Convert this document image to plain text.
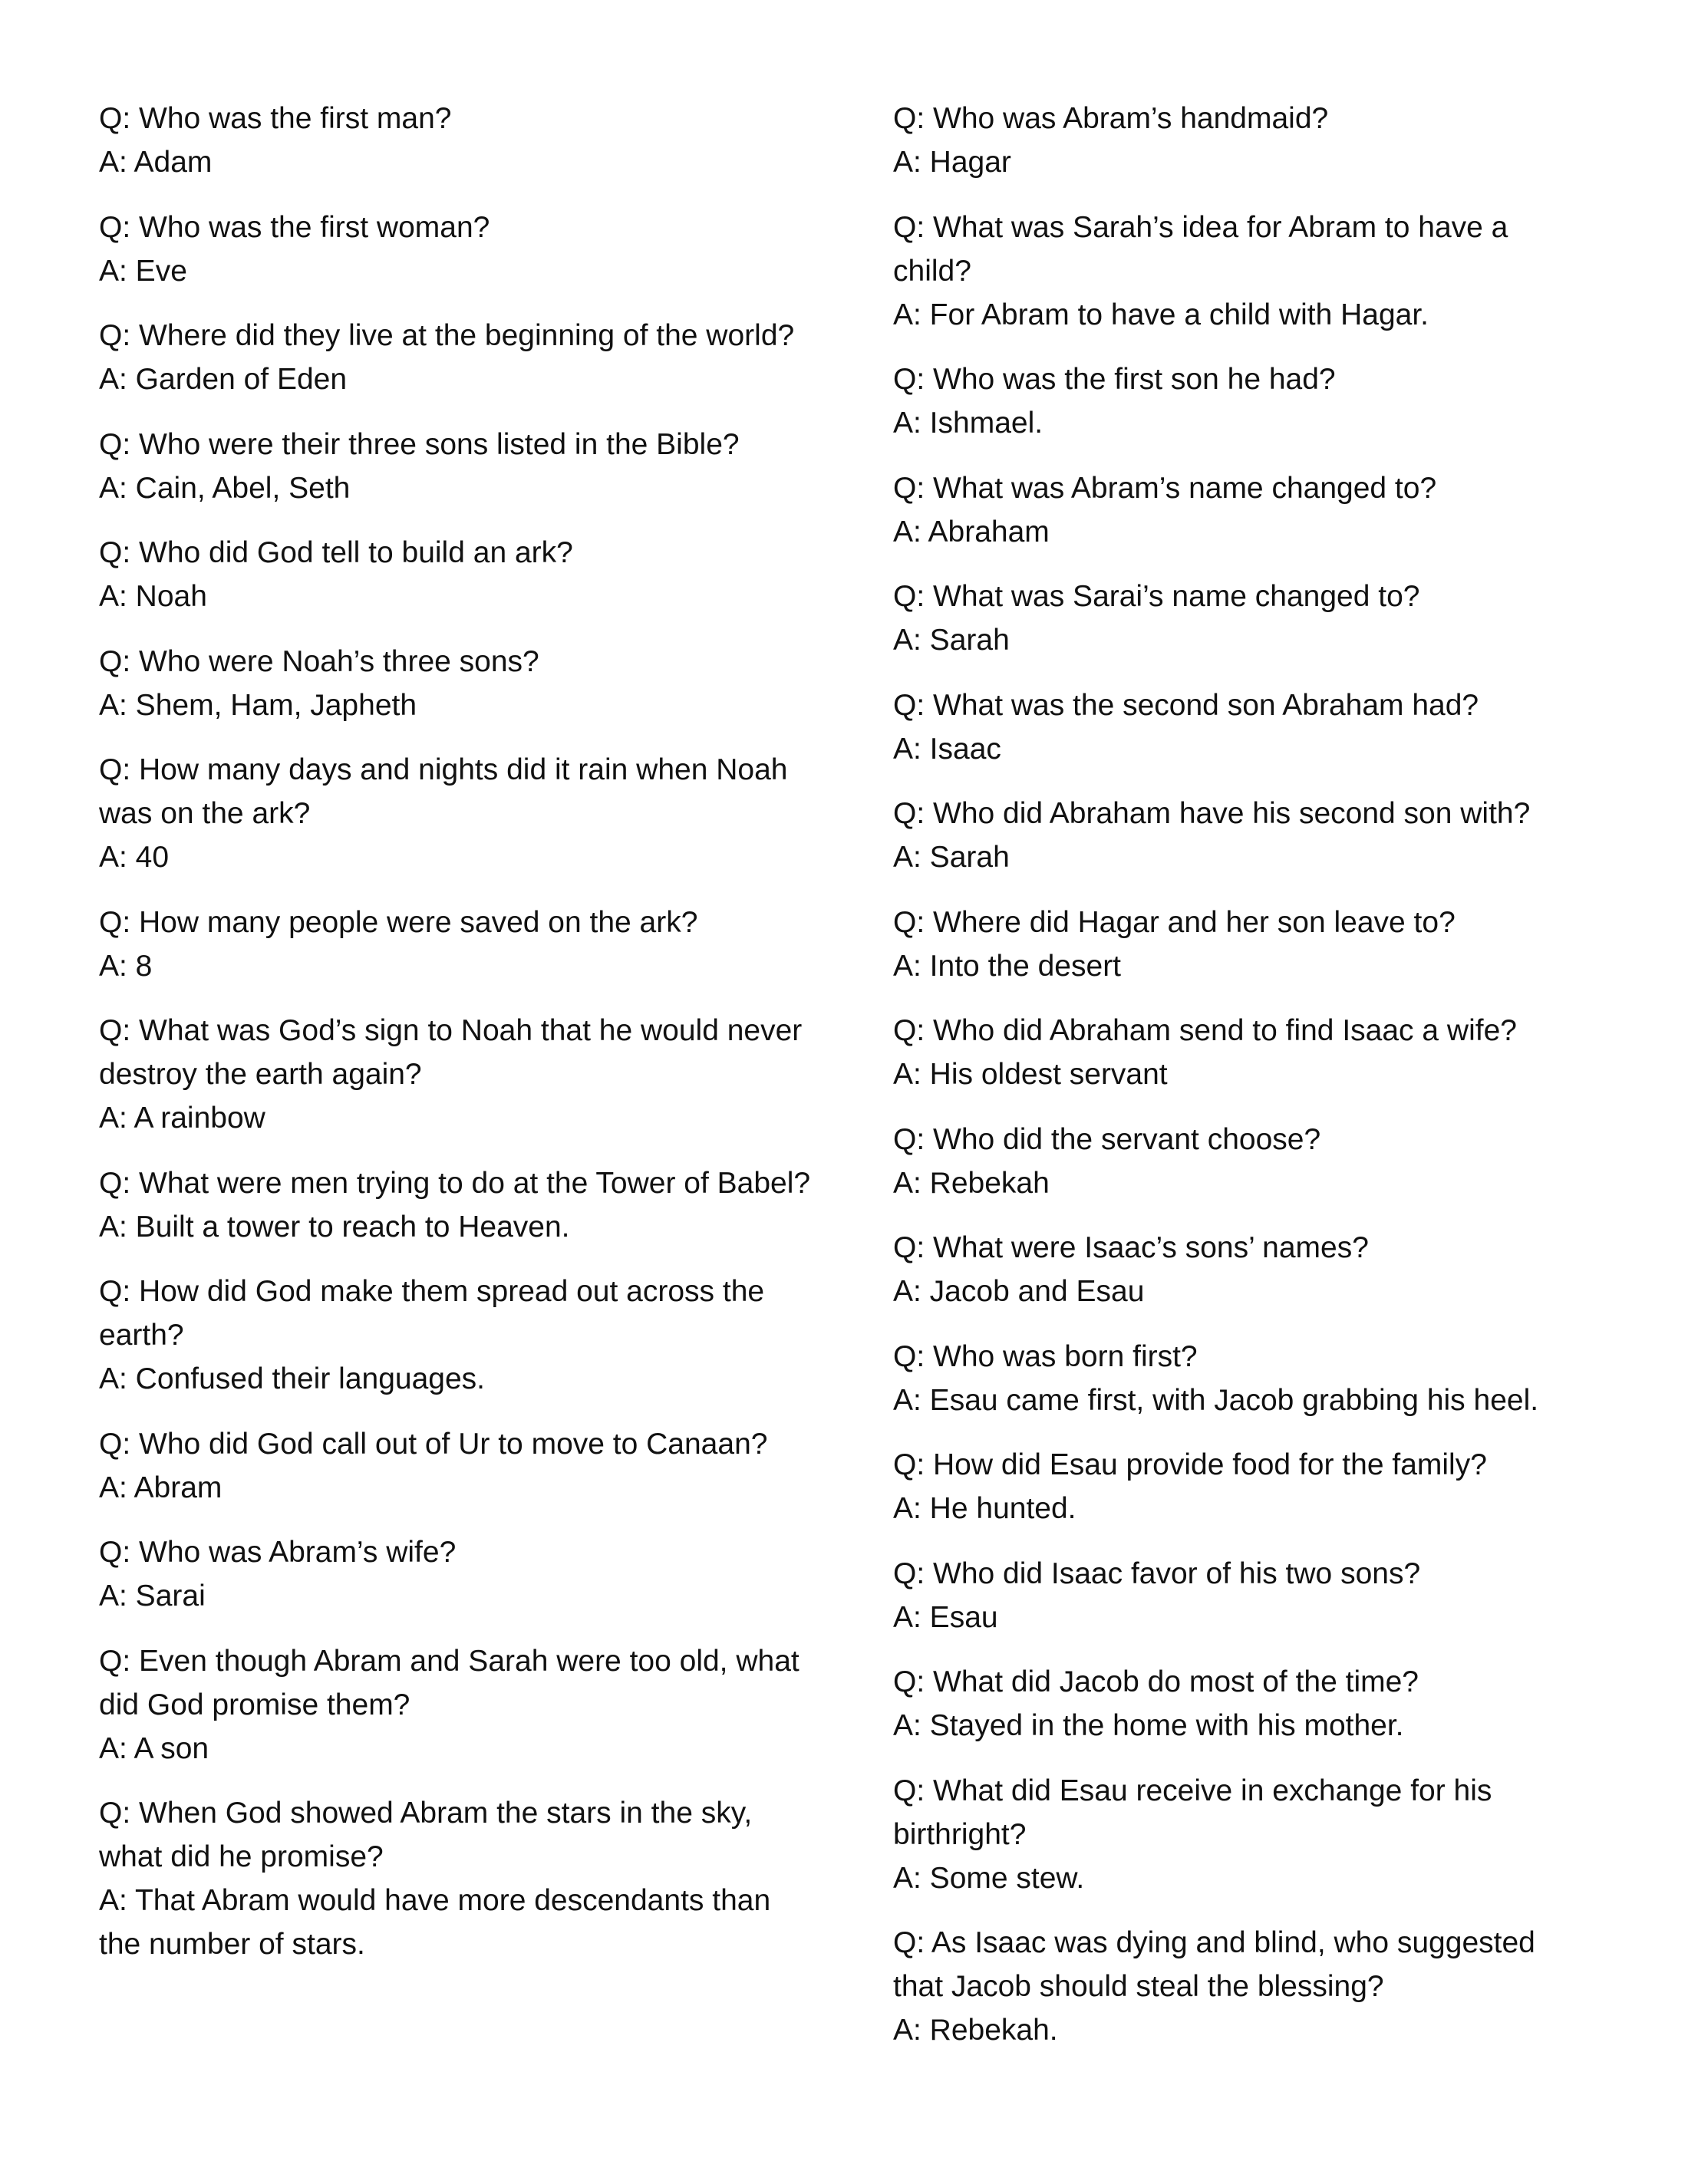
Q: Who was the first man?
A: Adam
Q: Who was the first woman?
A: Eve
Q: Where did they live at the beginning of the world?
A: Garden of Eden
Q: Who were their three sons listed in the Bible?
A: Cain, Abel, Seth
Q: Who did God tell to build an ark?
A: Noah
Q: Who were Noah’s three sons?
A: Shem, Ham, Japheth
Q: How many days and nights did it rain when Noah was on the ark?
A: 40
Q: How many people were saved on the ark?
A: 8
Q: What was God’s sign to Noah that he would never destroy the earth again?
A: A rainbow
Q: What were men trying to do at the Tower of Babel?
A: Built a tower to reach to Heaven.
Q: How did God make them spread out across the earth?
A: Confused their languages.
Q: Who did God call out of Ur to move to Canaan?
A: Abram
Q: Who was Abram’s wife?
A: Sarai
Q: Even though Abram and Sarah were too old, what did God promise them?
A: A son
Q: When God showed Abram the stars in the sky, what did he promise?
A: That Abram would have more descendants than the number of stars.
Q: Who was Abram’s handmaid?
A: Hagar
Q: What was Sarah’s idea for Abram to have a child?
A: For Abram to have a child with Hagar.
Q: Who was the first son he had?
A: Ishmael.
Q: What was Abram’s name changed to?
A: Abraham
Q: What was Sarai’s name changed to?
A: Sarah
Q: What was the second son Abraham had?
A: Isaac
Q: Who did Abraham have his second son with?
A: Sarah
Q: Where did Hagar and her son leave to?
A: Into the desert
Q: Who did Abraham send to find Isaac a wife?
A: His oldest servant
Q: Who did the servant choose?
A: Rebekah
Q: What were Isaac’s sons’ names?
A: Jacob and Esau
Q: Who was born first?
A: Esau came first, with Jacob grabbing his heel.
Q: How did Esau provide food for the family?
A: He hunted.
Q: Who did Isaac favor of his two sons?
A: Esau
Q: What did Jacob do most of the time?
A: Stayed in the home with his mother.
Q: What did Esau receive in exchange for his birthright?
A: Some stew.
Q: As Isaac was dying and blind, who suggested that Jacob should steal the blessing?
A: Rebekah.
